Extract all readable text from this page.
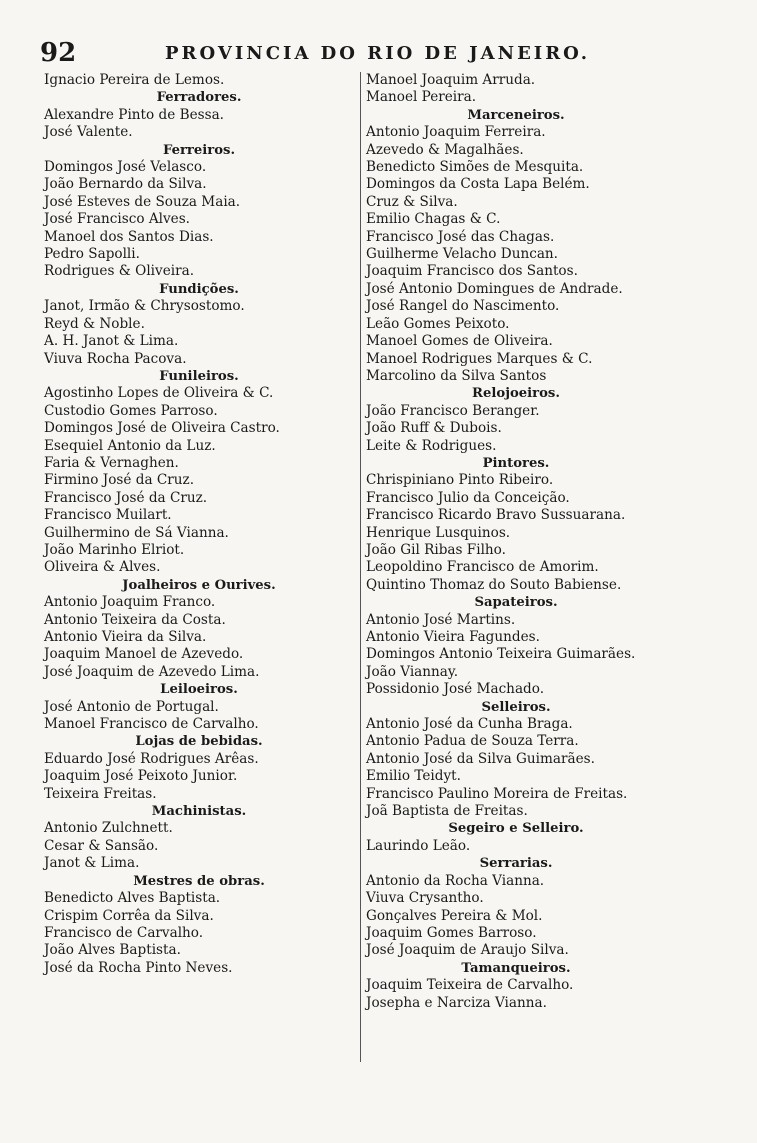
92	PROVINCIA DO RIO DE JANEIRO.
Ignacio Pereira de Lemos.
Ferradores.
Alexandre Pinto de Bessa.
José Valente.
Ferreiros.
Domingos José Velasco.
João Bernardo da Silva.
José Esteves de Souza Maia.
José Francisco Alves.
Manoel dos Santos Dias.
Pedro Sapolli.
Rodrigues & Oliveira.
Fundições.
Janot, Irmão & Chrysostomo.
Reyd & Noble.
A. H. Janot & Lima.
Viuva Rocha Pacova.
Funileiros.
Agostinho Lopes de Oliveira & C.
Custodio Gomes Parroso.
Domingos José de Oliveira Castro.
Esequiel Antonio da Luz.
Faria & Vernaghen.
Firmino José da Cruz.
Francisco José da Cruz.
Francisco Muilart.
Guilhermino de Sá Vianna.
João Marinho Elriot.
Oliveira & Alves.
Joalheiros e Ourives.
Antonio Joaquim Franco.
Antonio Teixeira da Costa.
Antonio Vieira da Silva.
Joaquim Manoel de Azevedo.
José Joaquim de Azevedo Lima.
Leiloeiros.
José Antonio de Portugal.
Manoel Francisco de Carvalho.
Lojas de bebidas.
Eduardo José Rodrigues Arêas.
Joaquim José Peixoto Junior.
Teixeira Freitas.
Machinistas.
Antonio Zulchnett.
Cesar & Sansão.
Janot & Lima.
Mestres de obras.
Benedicto Alves Baptista.
Crispim Corrêa da Silva.
Francisco de Carvalho.
João Alves Baptista.
José da Rocha Pinto Neves.
Manoel Joaquim Arruda.
Manoel Pereira.
Marceneiros.
Antonio Joaquim Ferreira.
Azevedo & Magalhães.
Benedicto Simões de Mesquita.
Domingos da Costa Lapa Belém.
Cruz & Silva.
Emilio Chagas & C.
Francisco José das Chagas.
Guilherme Velacho Duncan.
Joaquim Francisco dos Santos.
José Antonio Domingues de Andrade.
José Rangel do Nascimento.
Leão Gomes Peixoto.
Manoel Gomes de Oliveira.
Manoel Rodrigues Marques & C.
Marcolino da Silva Santos
Relojoeiros.
João Francisco Beranger.
João Ruff & Dubois.
Leite & Rodrigues.
Pintores.
Chrispiniano Pinto Ribeiro.
Francisco Julio da Conceição.
Francisco Ricardo Bravo Sussuarana.
Henrique Lusquinos.
João Gil Ribas Filho.
Leopoldino Francisco de Amorim.
Quintino Thomaz do Souto Babiense.
Sapateiros.
Antonio José Martins.
Antonio Vieira Fagundes.
Domingos Antonio Teixeira Guimarães.
João Viannay.
Possidonio José Machado.
Selleiros.
Antonio José da Cunha Braga.
Antonio Padua de Souza Terra.
Antonio José da Silva Guimarães.
Emilio Teidyt.
Francisco Paulino Moreira de Freitas.
Joã Baptista de Freitas.
Segeiro e Selleiro.
Laurindo Leão.
Serrarias.
Antonio da Rocha Vianna.
Viuva Crysantho.
Gonçalves Pereira & Mol.
Joaquim Gomes Barroso.
José Joaquim de Araujo Silva.
Tamanqueiros.
Joaquim Teixeira de Carvalho.
Josepha e Narciza Vianna.
